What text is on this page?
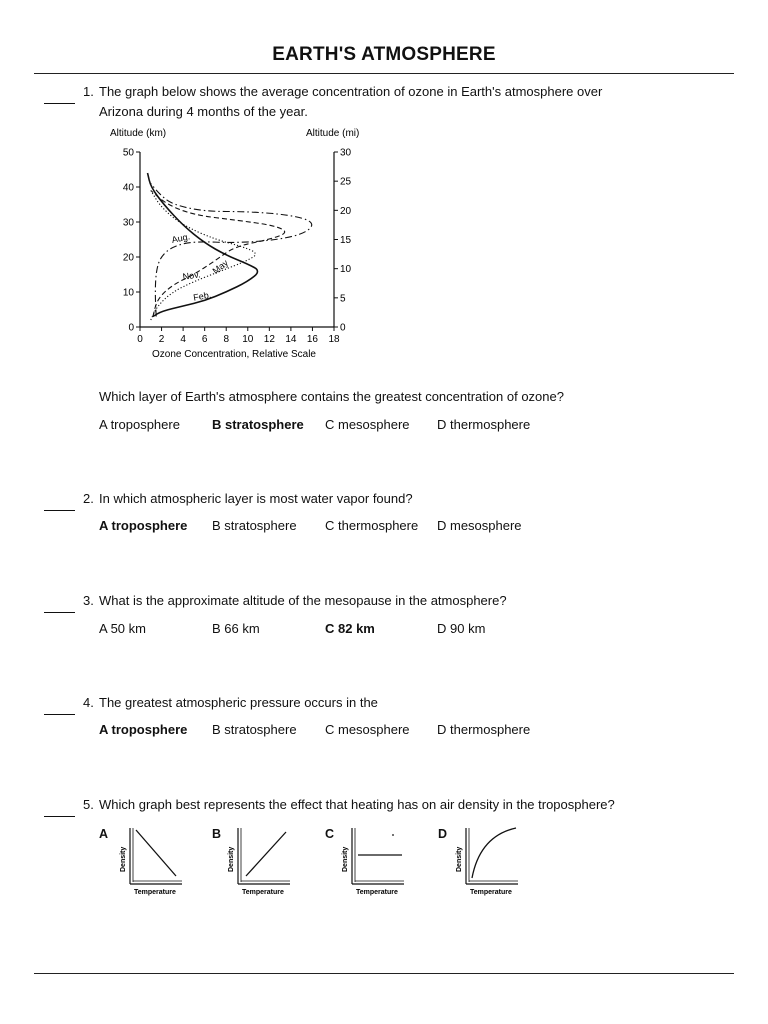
EARTH'S ATMOSPHERE
1. The graph below shows the average concentration of ozone in Earth's atmosphere over
Arizona during 4 months of the year.
Altitude (km)	Altitude (mi)
0 2 4 6 8 10 12 14 16 18
0
10
20
30
40
50
0
5
10
15
20
25
30
Feb.
May
Nov.
Aug.
Ozone Concentration, Relative Scale
Which layer of Earth's atmosphere contains the greatest concentration of ozone?
A troposphere B stratosphere C mesosphere D thermosphere
2. In which atmospheric layer is most water vapor found?
A troposphere B stratosphere C thermosphere D mesosphere
3. What is the approximate altitude of the mesopause in the atmosphere?
A 50 km	B 66 km	C 82 km	D 90 km
4. The greatest atmospheric pressure occurs in the
A troposphere B stratosphere C mesosphere D thermosphere
5. Which graph best represents the effect that heating has on air density in the troposphere?
A	B	C	D
Density
Temperature
Density
Temperature
Density
Temperature
Density
Temperature
